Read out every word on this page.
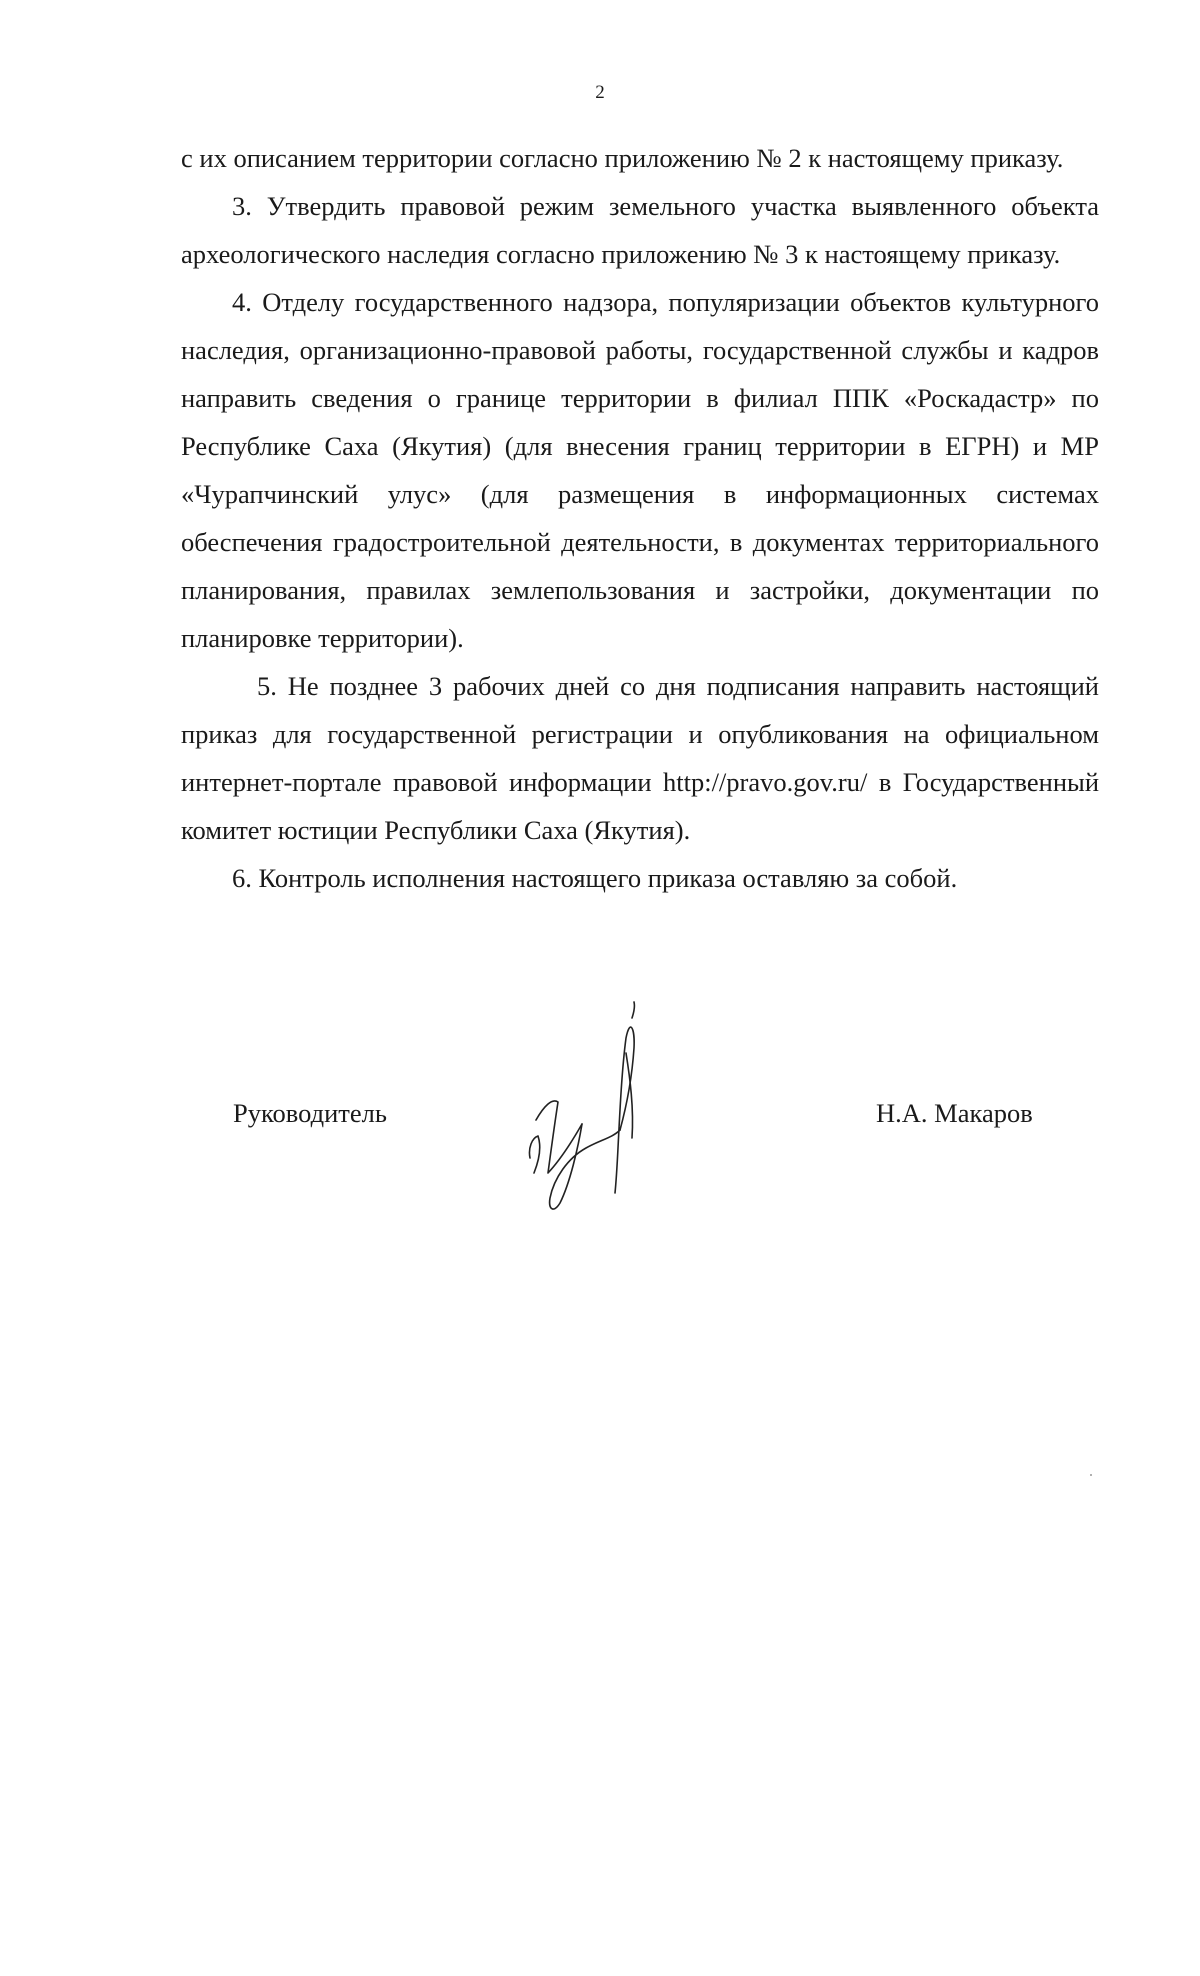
2

с их описанием территории согласно приложению № 2 к настоящему приказу.

3. Утвердить правовой режим земельного участка выявленного объекта археологического наследия согласно приложению № 3 к настоящему приказу.

4. Отделу государственного надзора, популяризации объектов культурного наследия, организационно-правовой работы, государственной службы и кадров направить сведения о границе территории в филиал ППК «Роскадастр» по Республике Саха (Якутия) (для внесения границ территории в ЕГРН) и МР «Чурапчинский улус» (для размещения в информационных системах обеспечения градостроительной деятельности, в документах территориального планирования, правилах землепользования и застройки, документации по планировке территории).

5. Не позднее 3 рабочих дней со дня подписания направить настоящий приказ для государственной регистрации и опубликования на официальном интернет-портале правовой информации http://pravo.gov.ru/ в Государственный комитет юстиции Республики Саха (Якутия).

6. Контроль исполнения настоящего приказа оставляю за собой.

Руководитель	Н.А. Макаров
